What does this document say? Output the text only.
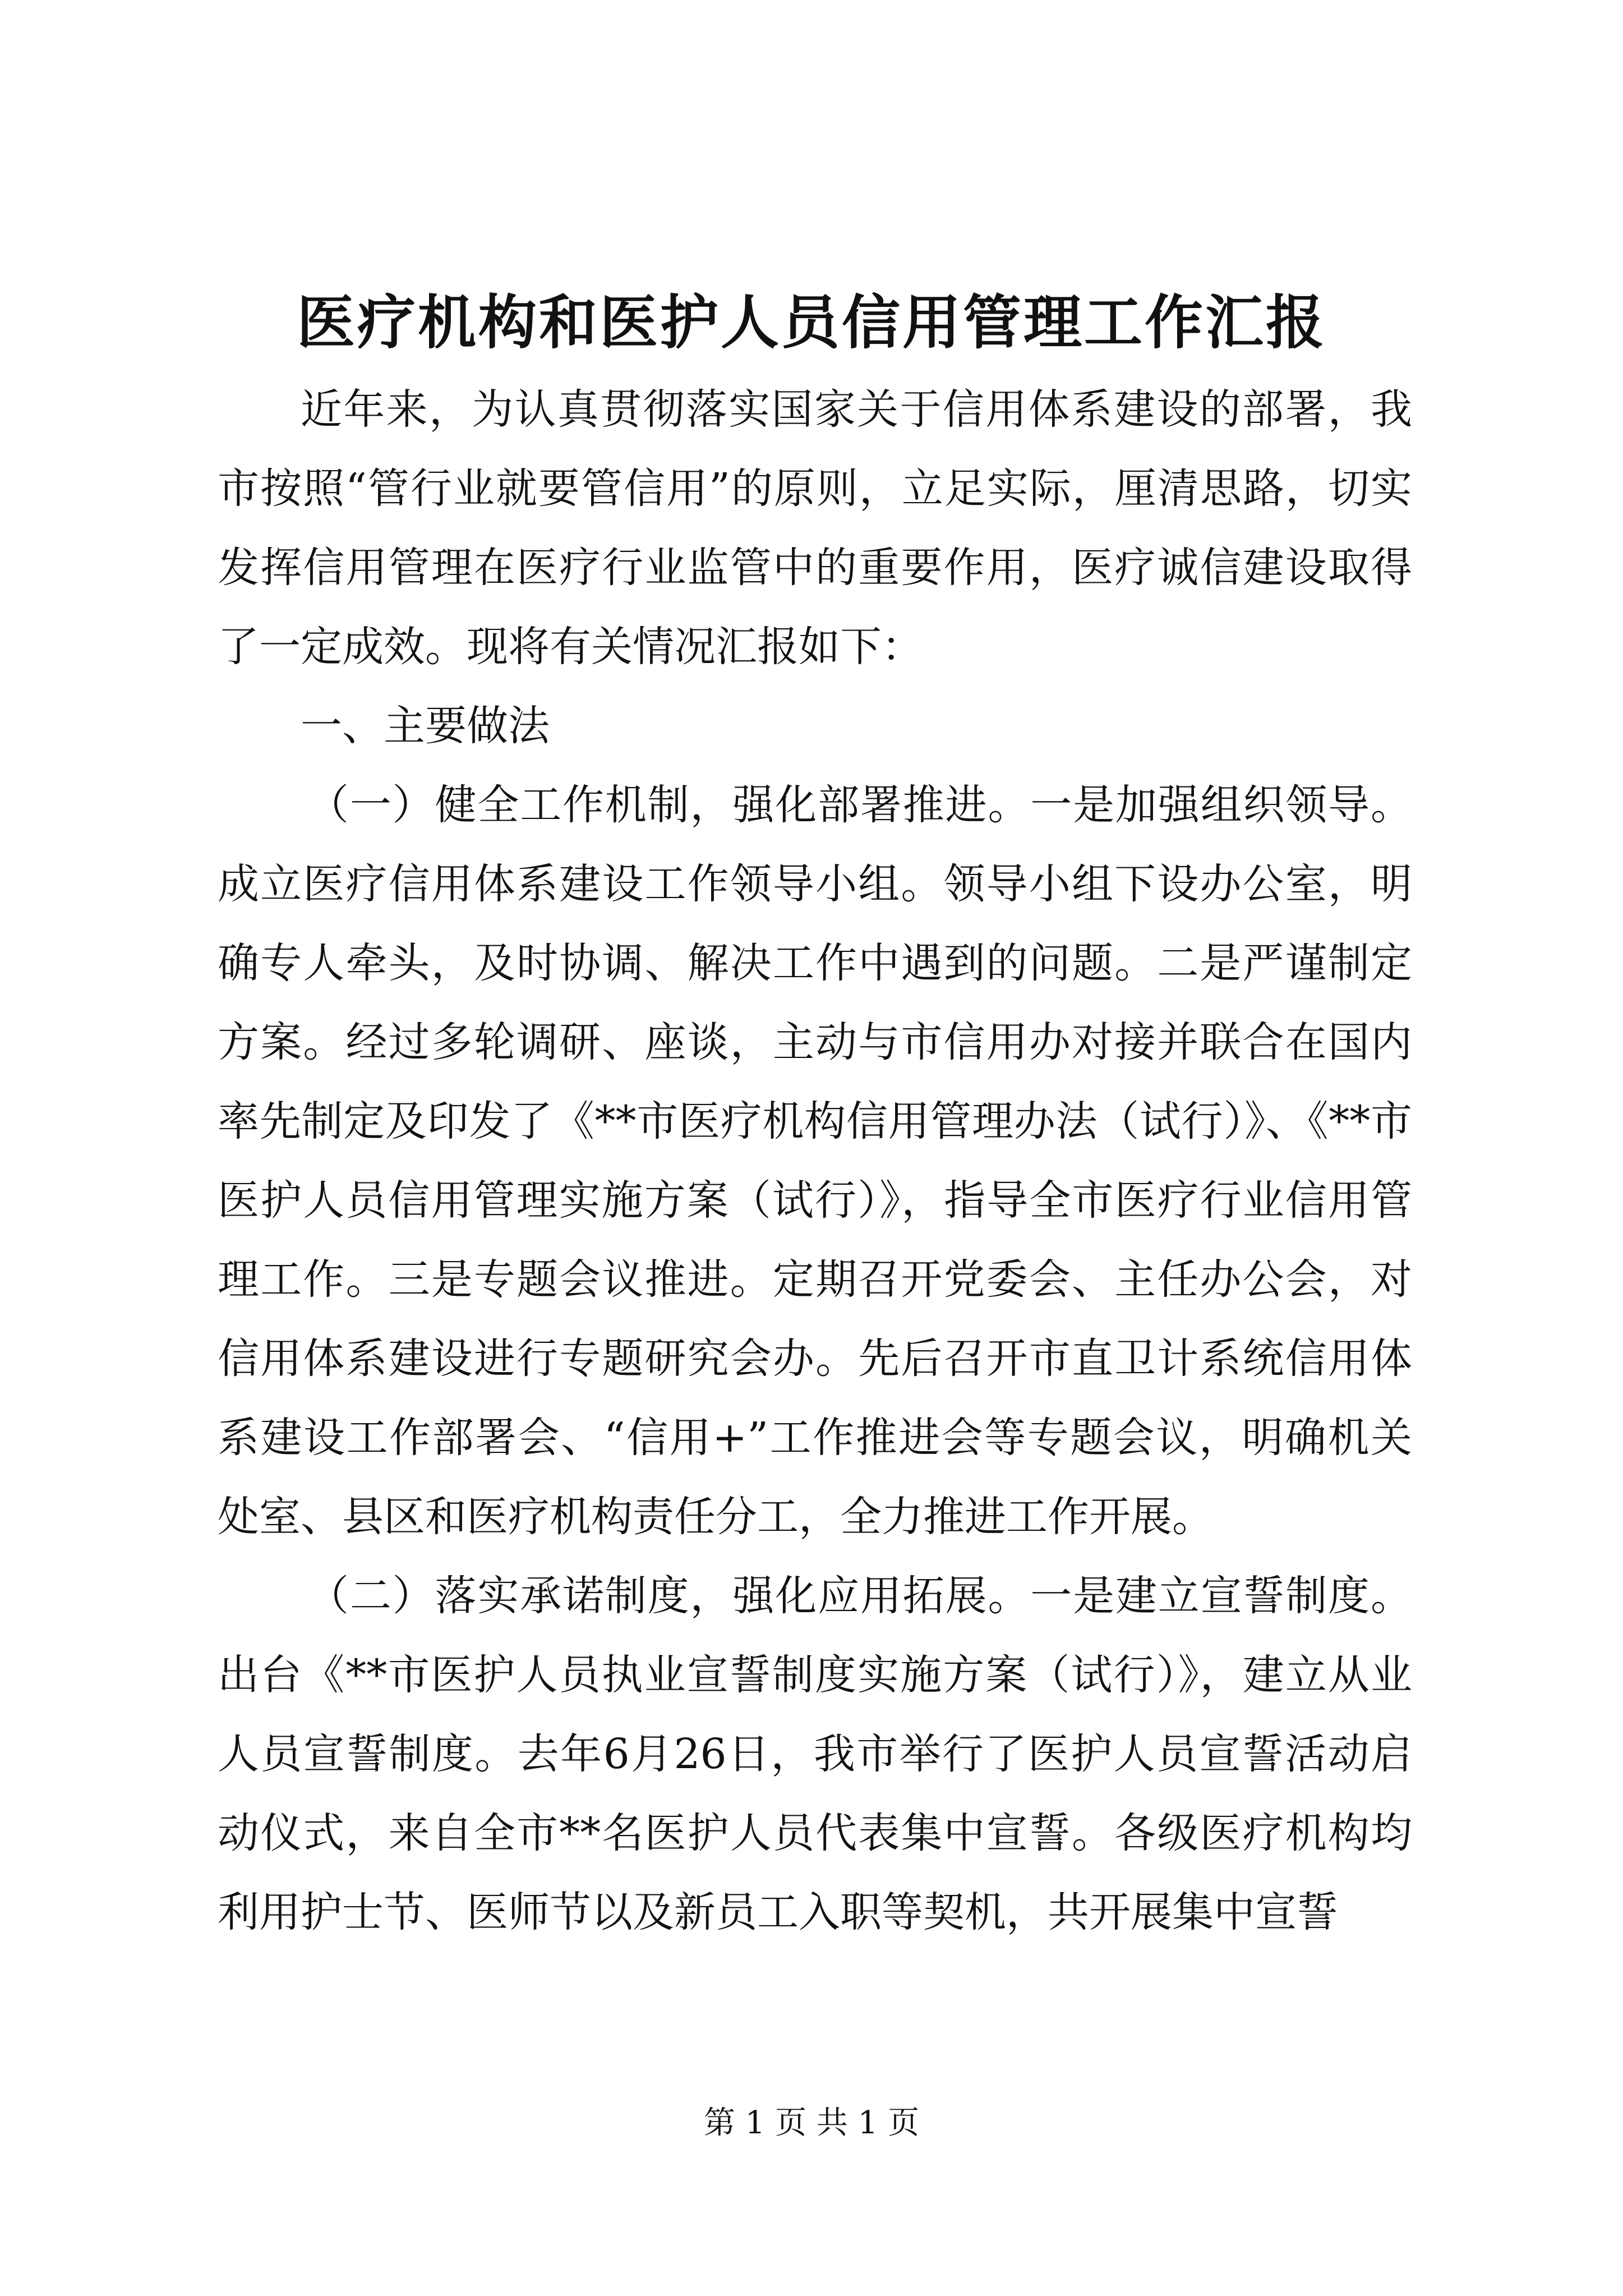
医疗机构和医护人员信用管理工作汇报

近年来，为认真贯彻落实国家关于信用体系建设的部署，我市按照“管行业就要管信用”的原则，立足实际，厘清思路，切实发挥信用管理在医疗行业监管中的重要作用，医疗诚信建设取得了一定成效。现将有关情况汇报如下：

一、主要做法

（一）健全工作机制，强化部署推进。一是加强组织领导。成立医疗信用体系建设工作领导小组。领导小组下设办公室，明确专人牵头，及时协调、解决工作中遇到的问题。二是严谨制定方案。经过多轮调研、座谈，主动与市信用办对接并联合在国内率先制定及印发了《**市医疗机构信用管理办法（试行）》、《**市医护人员信用管理实施方案（试行）》，指导全市医疗行业信用管理工作。三是专题会议推进。定期召开党委会、主任办公会，对信用体系建设进行专题研究会办。先后召开市直卫计系统信用体系建设工作部署会、“信用+”工作推进会等专题会议，明确机关处室、县区和医疗机构责任分工，全力推进工作开展。

（二）落实承诺制度，强化应用拓展。一是建立宣誓制度。出台《**市医护人员执业宣誓制度实施方案（试行）》，建立从业人员宣誓制度。去年6月26日，我市举行了医护人员宣誓活动启动仪式，来自全市**名医护人员代表集中宣誓。各级医疗机构均利用护士节、医师节以及新员工入职等契机，共开展集中宣誓

第 1 页 共 1 页
